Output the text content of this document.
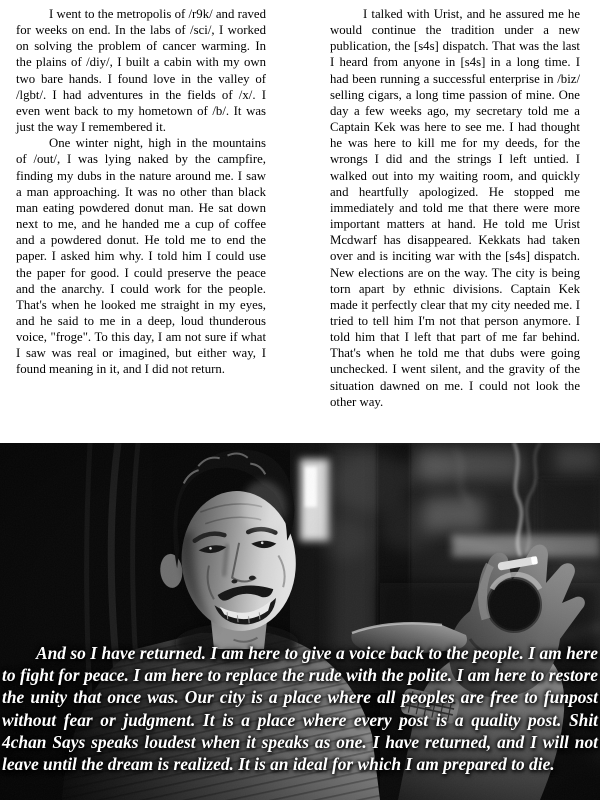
I went to the metropolis of /r9k/ and raved for weeks on end. In the labs of /sci/, I worked on solving the problem of cancer warming. In the plains of /diy/, I built a cabin with my own two bare hands. I found love in the valley of /lgbt/. I had adventures in the fields of /x/. I even went back to my hometown of /b/. It was just the way I remembered it.

One winter night, high in the mountains of /out/, I was lying naked by the campfire, finding my dubs in the nature around me. I saw a man approaching. It was no other than black man eating powdered donut man. He sat down next to me, and he handed me a cup of coffee and a powdered donut. He told me to end the paper. I asked him why. I told him I could use the paper for good. I could preserve the peace and the anarchy. I could work for the people. That's when he looked me straight in my eyes, and he said to me in a deep, loud thunderous voice, "froge". To this day, I am not sure if what I saw was real or imagined, but either way, I found meaning in it, and I did not return.

I talked with Urist, and he assured me he would continue the tradition under a new publication, the [s4s] dispatch. That was the last I heard from anyone in [s4s] in a long time. I had been running a successful enterprise in /biz/ selling cigars, a long time passion of mine. One day a few weeks ago, my secretary told me a Captain Kek was here to see me. I had thought he was here to kill me for my deeds, for the wrongs I did and the strings I left untied. I walked out into my waiting room, and quickly and heartfully apologized. He stopped me immediately and told me that there were more important matters at hand. He told me Urist Mcdwarf has disappeared. Kekkats had taken over and is inciting war with the [s4s] dispatch. New elections are on the way. The city is being torn apart by ethnic divisions. Captain Kek made it perfectly clear that my city needed me. I tried to tell him I'm not that person anymore. I told him that I left that part of me far behind. That's when he told me that dubs were going unchecked. I went silent, and the gravity of the situation dawned on me. I could not look the other way.

And so I have returned. I am here to give a voice back to the people. I am here to fight for peace. I am here to replace the rude with the polite. I am here to restore the unity that once was. Our city is a place where all peoples are free to funpost without fear or judgment. It is a place where every post is a quality post. Shit 4chan Says speaks loudest when it speaks as one. I have returned, and I will not leave until the dream is realized. It is an ideal for which I am prepared to die.
